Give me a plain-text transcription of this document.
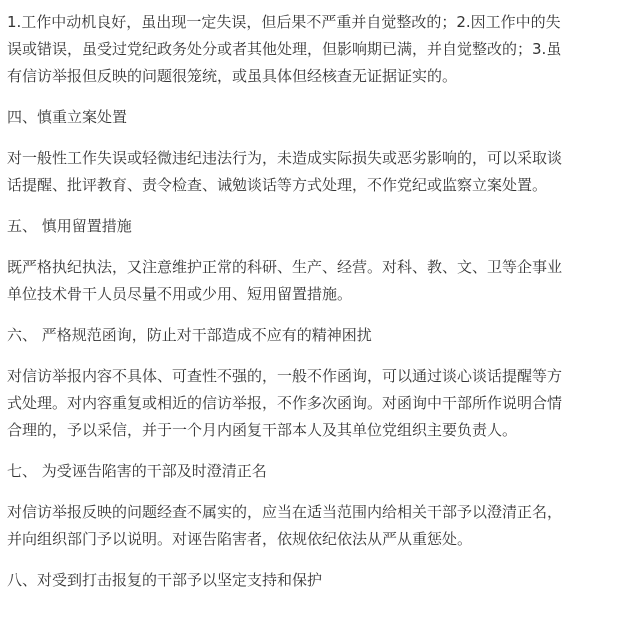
1.工作中动机良好，虽出现一定失误，但后果不严重并自觉整改的；2.因工作中的失
误或错误，虽受过党纪政务处分或者其他处理，但影响期已满，并自觉整改的；3.虽
有信访举报但反映的问题很笼统，或虽具体但经核查无证据证实的。

四、慎重立案处置

对一般性工作失误或轻微违纪违法行为，未造成实际损失或恶劣影响的，可以采取谈
话提醒、批评教育、责令检查、诫勉谈话等方式处理，不作党纪或监察立案处置。

五、 慎用留置措施

既严格执纪执法，又注意维护正常的科研、生产、经营。对科、教、文、卫等企事业
单位技术骨干人员尽量不用或少用、短用留置措施。

六、 严格规范函询，防止对干部造成不应有的精神困扰

对信访举报内容不具体、可查性不强的，一般不作函询，可以通过谈心谈话提醒等方
式处理。对内容重复或相近的信访举报，不作多次函询。对函询中干部所作说明合情
合理的，予以采信，并于一个月内函复干部本人及其单位党组织主要负责人。

七、 为受诬告陷害的干部及时澄清正名

对信访举报反映的问题经查不属实的，应当在适当范围内给相关干部予以澄清正名，
并向组织部门予以说明。对诬告陷害者，依规依纪依法从严从重惩处。

八、对受到打击报复的干部予以坚定支持和保护
